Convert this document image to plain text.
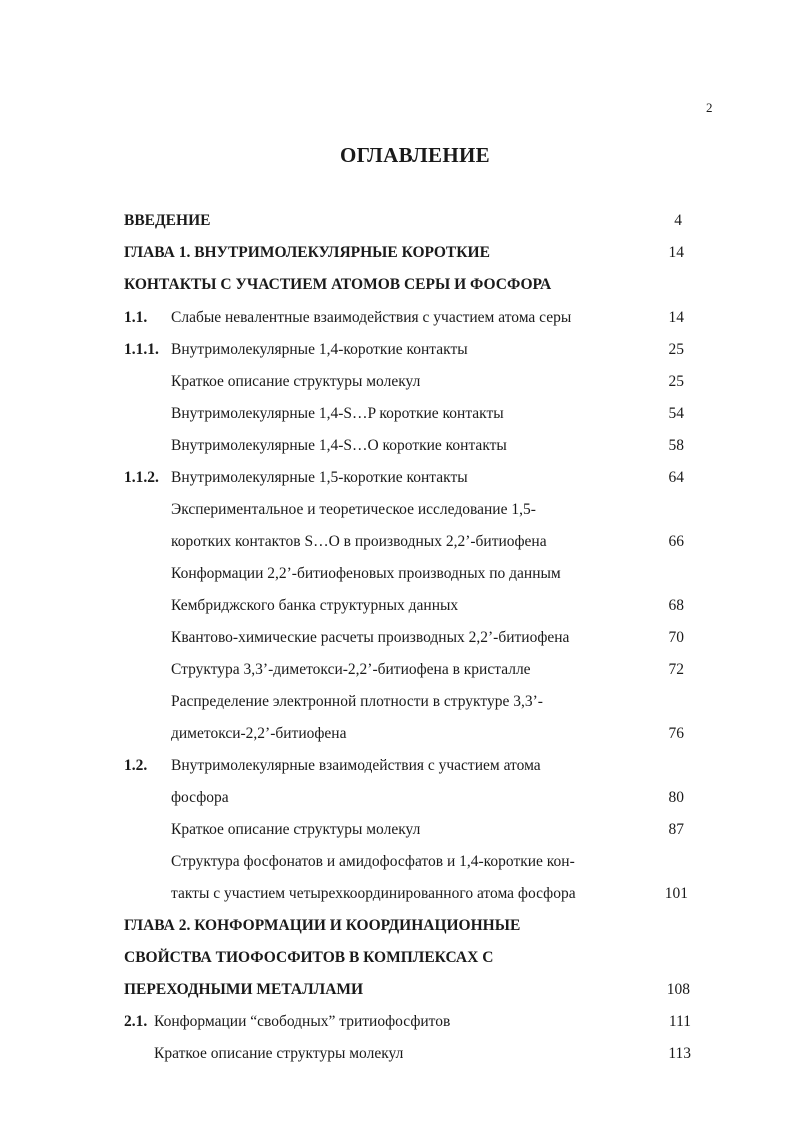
2
ОГЛАВЛЕНИЕ
ВВЕДЕНИЕ	4
ГЛАВА 1. ВНУТРИМОЛЕКУЛЯРНЫЕ КОРОТКИЕ	14
КОНТАКТЫ С УЧАСТИЕМ АТОМОВ СЕРЫ И ФОСФОРА
1.1. Слабые невалентные взаимодействия с участием атома серы	14
1.1.1. Внутримолекулярные 1,4-короткие контакты	25
Краткое описание структуры молекул	25
Внутримолекулярные 1,4-S…P короткие контакты	54
Внутримолекулярные 1,4-S…O короткие контакты	58
1.1.2. Внутримолекулярные 1,5-короткие контакты	64
Экспериментальное и теоретическое исследование 1,5-
коротких контактов S…O в производных 2,2’-битиофена	66
Конформации 2,2’-битиофеновых производных по данным
Кембриджского банка структурных данных	68
Квантово-химические расчеты производных 2,2’-битиофена	70
Структура 3,3’-диметокси-2,2’-битиофена в кристалле	72
Распределение электронной плотности в структуре 3,3’-
диметокси-2,2’-битиофена	76
1.2. Внутримолекулярные взаимодействия с участием атома
фосфора	80
Краткое описание структуры молекул	87
Структура фосфонатов и амидофосфатов и 1,4-короткие кон-
такты с участием четырехкоординированного атома фосфора	101
ГЛАВА 2. КОНФОРМАЦИИ И КООРДИНАЦИОННЫЕ
СВОЙСТВА ТИОФОСФИТОВ В КОМПЛЕКСАХ С
ПЕРЕХОДНЫМИ МЕТАЛЛАМИ	108
2.1. Конформации “свободных” тритиофосфитов	111
Краткое описание структуры молекул	113
